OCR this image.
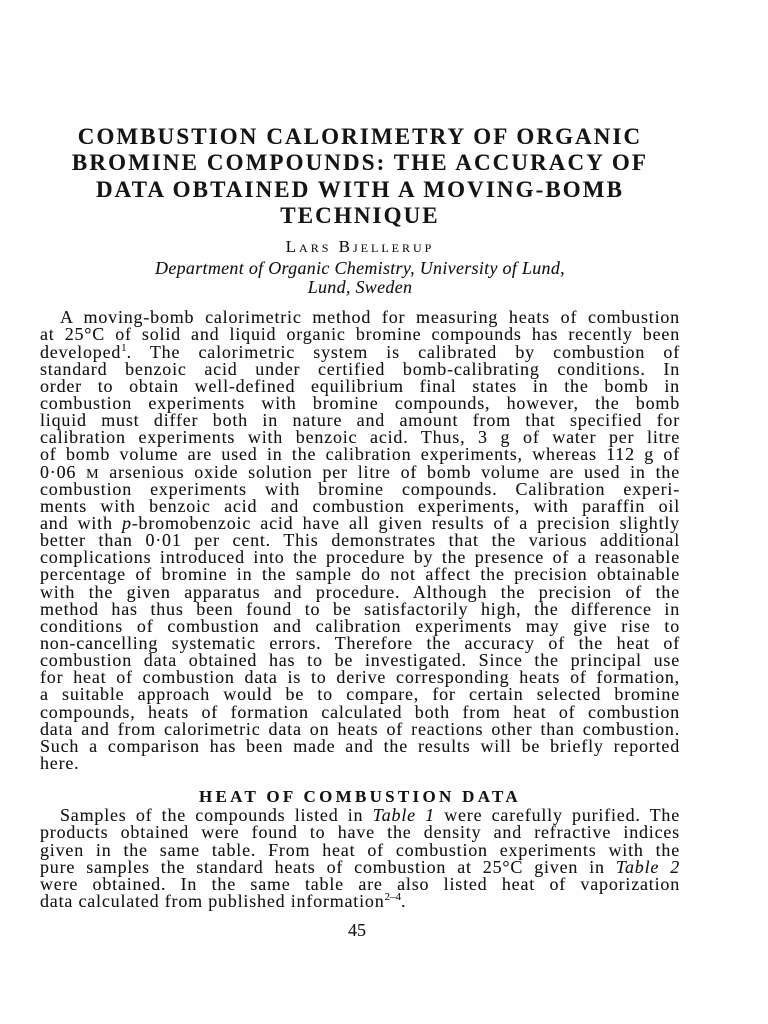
COMBUSTION CALORIMETRY OF ORGANIC
BROMINE COMPOUNDS: THE ACCURACY OF
DATA OBTAINED WITH A MOVING-BOMB
TECHNIQUE
Lars Bjellerup
Department of Organic Chemistry, University of Lund,
Lund, Sweden
A moving-bomb calorimetric method for measuring heats of combustion
at 25°C of solid and liquid organic bromine compounds has recently been
developed$^1$. The calorimetric system is calibrated by combustion of
standard benzoic acid under certified bomb-calibrating conditions. In
order to obtain well-defined equilibrium final states in the bomb in
combustion experiments with bromine compounds, however, the bomb
liquid must differ both in nature and amount from that specified for
calibration experiments with benzoic acid. Thus, 3 g of water per litre
of bomb volume are used in the calibration experiments, whereas 112 g of
0·06 M arsenious oxide solution per litre of bomb volume are used in the
combustion experiments with bromine compounds. Calibration experi-
ments with benzoic acid and combustion experiments, with paraffin oil
and with p-bromobenzoic acid have all given results of a precision slightly
better than 0·01 per cent. This demonstrates that the various additional
complications introduced into the procedure by the presence of a reasonable
percentage of bromine in the sample do not affect the precision obtainable
with the given apparatus and procedure. Although the precision of the
method has thus been found to be satisfactorily high, the difference in
conditions of combustion and calibration experiments may give rise to
non-cancelling systematic errors. Therefore the accuracy of the heat of
combustion data obtained has to be investigated. Since the principal use
for heat of combustion data is to derive corresponding heats of formation,
a suitable approach would be to compare, for certain selected bromine
compounds, heats of formation calculated both from heat of combustion
data and from calorimetric data on heats of reactions other than combustion.
Such a comparison has been made and the results will be briefly reported
here.
HEAT OF COMBUSTION DATA
Samples of the compounds listed in Table 1 were carefully purified. The
products obtained were found to have the density and refractive indices
given in the same table. From heat of combustion experiments with the
pure samples the standard heats of combustion at 25°C given in Table 2
were obtained. In the same table are also listed heat of vaporization
data calculated from published information$^{2-4}$.
45
